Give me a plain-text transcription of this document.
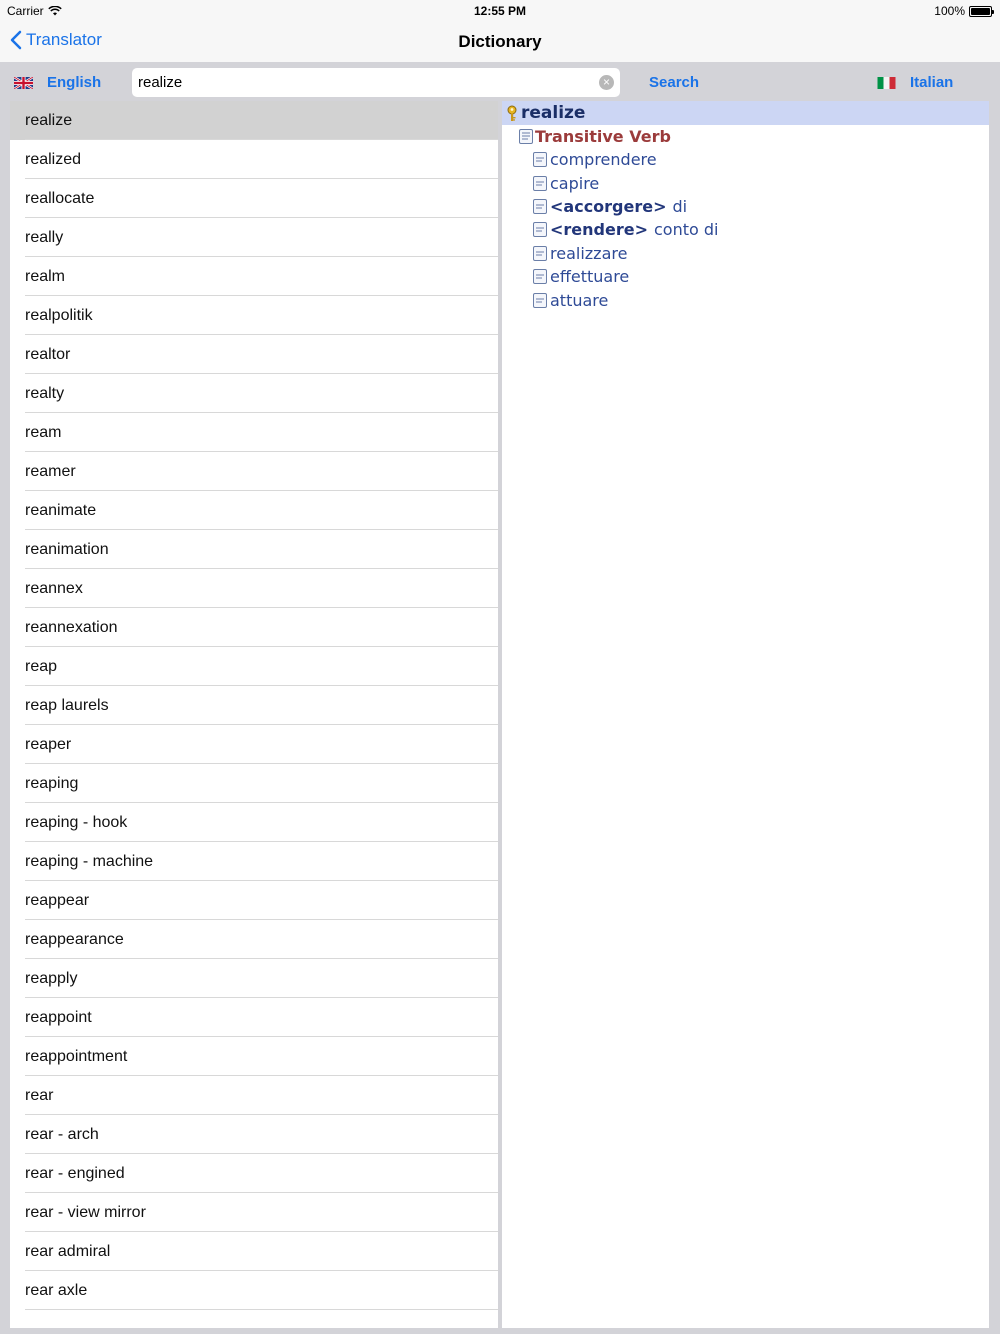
Carrier	12:55 PM	100%
Translator	Dictionary
English
realize	×	Search	Italian
realize
realized
reallocate
really
realm
realpolitik
realtor
realty
ream
reamer
reanimate
reanimation
reannex
reannexation
reap
reap laurels
reaper
reaping
reaping - hook
reaping - machine
reappear
reappearance
reapply
reappoint
reappointment
rear
rear - arch
rear - engined
rear - view mirror
rear admiral
rear axle
realize
Transitive Verb
comprendere
capire
<accorgere> di
<rendere> conto di
realizzare
effettuare
attuare
